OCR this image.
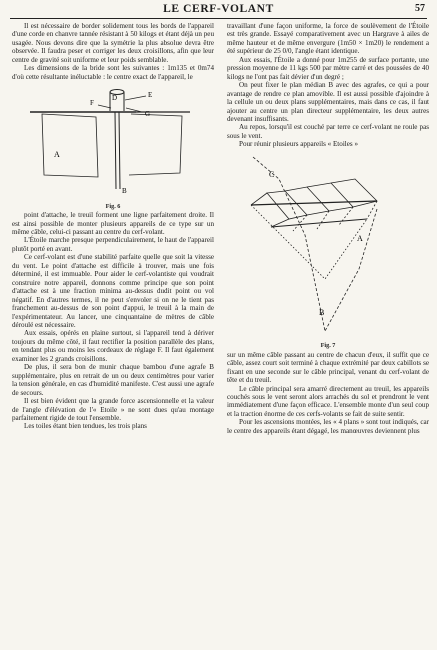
LE CERF-VOLANT	57

Il est nécessaire de border solidement tous les bords de l'appareil d'une corde en chanvre tannée résistant à 50 kilogs et étant déjà un peu usagée. Nous devons dire que la symétrie la plus absolue devra être observée. Il faudra peser et corriger les deux croisillons, afin que leur centre de gravité soit uniforme et leur poids semblable.

Les dimensions de la bride sont les suivantes : 1m135 et 0m74 d'où cette résultante inéluctable : le centre exact de l'appareil, le

F
D	E
G
A
B
Fig. 6

point d'attache, le treuil forment une ligne parfaitement droite. Il est ainsi possible de monter plusieurs appareils de ce type sur un même câble, celui-ci passant au centre du cerf-volant.

L'Étoile marche presque perpendiculairement, le haut de l'appareil plutôt porté en avant.

Ce cerf-volant est d'une stabilité parfaite quelle que soit la vitesse du vent. Le point d'attache est difficile à trouver, mais une fois déterminé, il est immuable. Pour aider le cerf-volantiste qui voudrait construire notre appareil, donnons comme principe que son point d'attache est à une fraction minima au-dessus dudit point ou vol négatif. En d'autres termes, il ne peut s'envoler si on ne le tient pas franchement au-dessus de son point d'appui, le treuil à la main de l'expérimentateur. Au lancer, une cinquantaine de mètres de câble déroulé est nécessaire.

Aux essais, opérés en plaine surtout, si l'appareil tend à dériver toujours du même côté, il faut rectifier la position parallèle des plans, en tendant plus ou moins les cordeaux de réglage F. Il faut également examiner les 2 grands croisillons.

De plus, il sera bon de munir chaque bambou d'une agrafe B supplémentaire, plus en retrait de un ou deux centimètres pour varier la tension générale, en cas d'humidité manifeste. C'est aussi une agrafe de secours.

Il est bien évident que la grande force ascensionnelle et la valeur de l'angle d'élévation de l'« Etoile » ne sont dues qu'au montage parfaitement rigide de tout l'ensemble.

Les toiles étant bien tendues, les trois plans

travaillant d'une façon uniforme, la force de soulèvement de l'Étoile est très grande. Essayé comparativement avec un Hargrave à ailes de même hauteur et de même envergure (1m50 × 1m20) le rendement a été supérieur de 25 0/0, l'angle étant identique.

Aux essais, l'Étoile a donné pour 1m255 de surface portante, une pression moyenne de 11 kgs 500 par mètre carré et des poussées de 40 kilogs ne l'ont pas fait dévier d'un degré ;

On peut fixer le plan médian B avec des agrafes, ce qui a pour avantage de rendre ce plan amovible. Il est aussi possible d'ajoindre à la cellule un ou deux plans supplémentaires, mais dans ce cas, il faut ajouter au centre un plan directeur supplémentaire, les deux autres devenant insuffisants.

Au repos, lorsqu'il est couché par terre ce cerf-volant ne roule pas sous le vent.

Pour réunir plusieurs appareils « Etoiles »

C
A
B
Fig. 7

sur un même câble passant au centre de chacun d'eux, il suffit que ce câble, assez court soit terminé à chaque extrémité par deux cabillots se fixant en une seconde sur le câble principal, venant du cerf-volant de tête et du treuil.

Le câble principal sera amarré directement au treuil, les appareils couchés sous le vent seront alors arrachés du sol et prendront le vent immédiatement d'une façon efficace. L'ensemble monte d'un seul coup et la traction énorme de ces cerfs-volants se fait de suite sentir.

Pour les ascensions montées, les « 4 plans » sont tout indiqués, car le centre des appareils étant dégagé, les manœuvres deviennent plus
